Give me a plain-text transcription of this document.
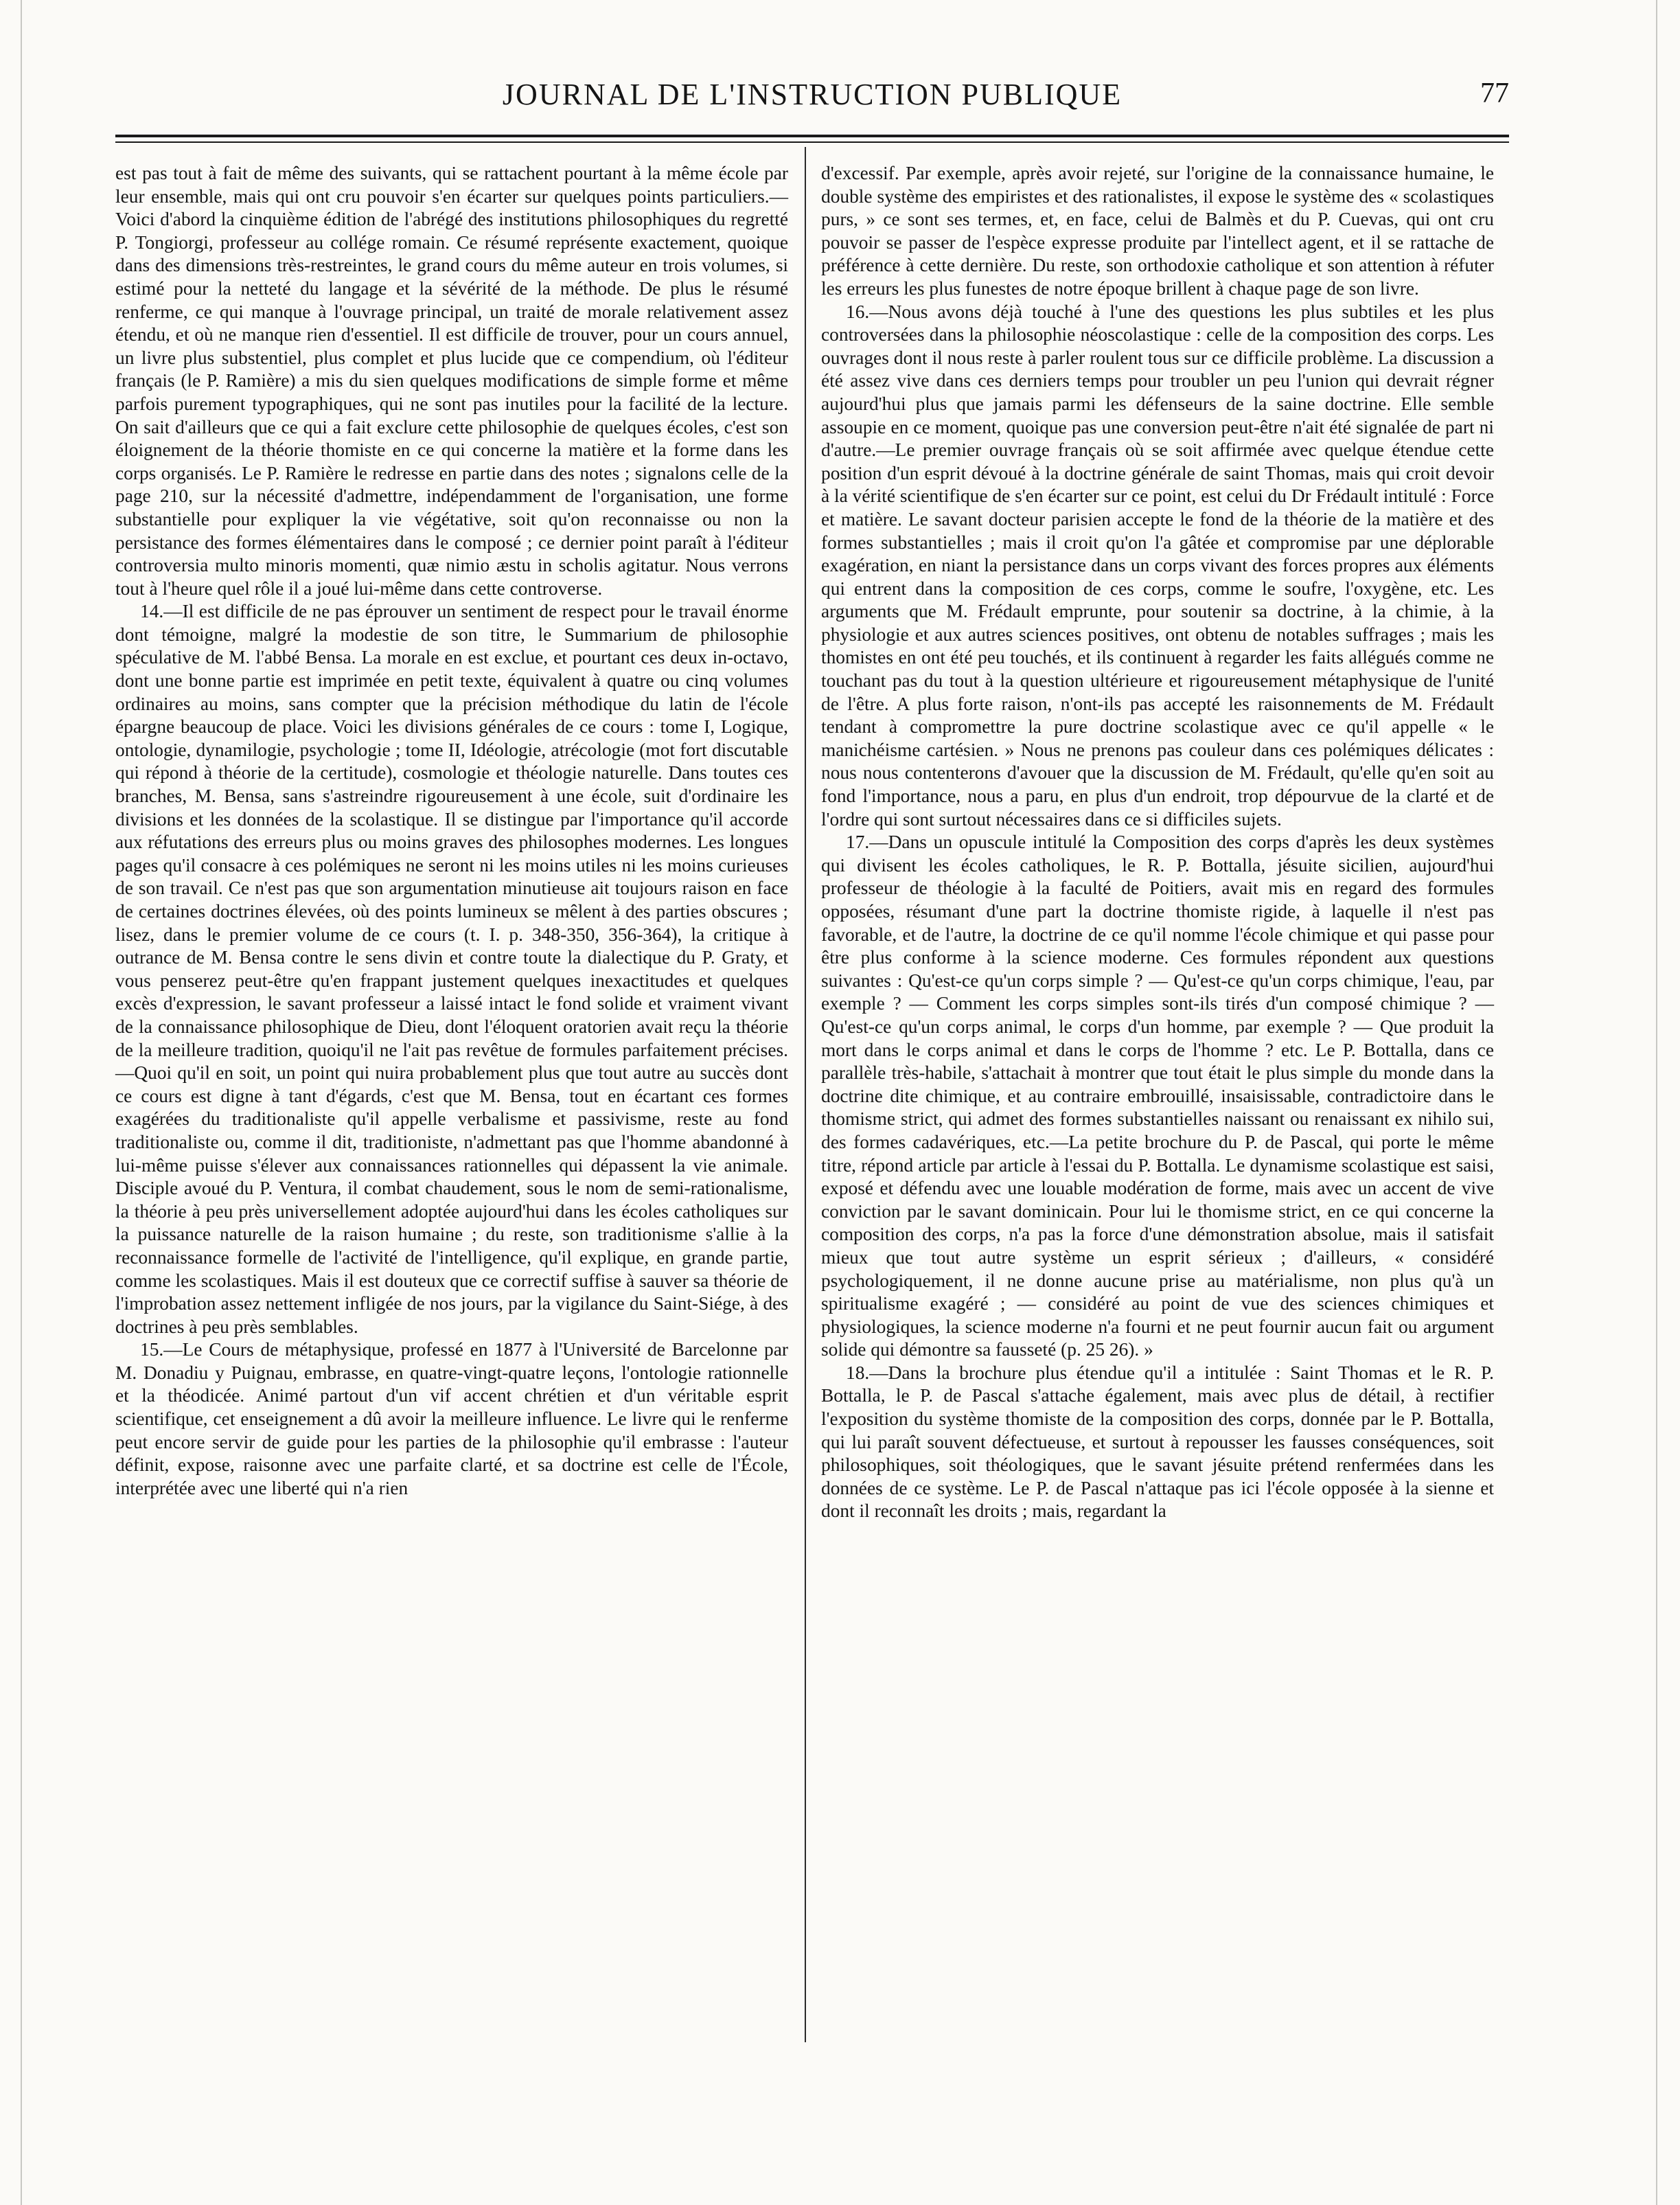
JOURNAL DE L'INSTRUCTION PUBLIQUE	77

est pas tout à fait de même des suivants, qui se rattachent pourtant à la même école par leur ensemble, mais qui ont cru pouvoir s'en écarter sur quelques points particuliers.—Voici d'abord la cinquième édition de l'abrégé des institutions philosophiques du regretté P. Tongiorgi, professeur au collége romain. Ce résumé représente exactement, quoique dans des dimensions très-restreintes, le grand cours du même auteur en trois volumes, si estimé pour la netteté du langage et la sévérité de la méthode. De plus le résumé renferme, ce qui manque à l'ouvrage principal, un traité de morale relativement assez étendu, et où ne manque rien d'essentiel. Il est difficile de trouver, pour un cours annuel, un livre plus substentiel, plus complet et plus lucide que ce compendium, où l'éditeur français (le P. Ramière) a mis du sien quelques modifications de simple forme et même parfois purement typographiques, qui ne sont pas inutiles pour la facilité de la lecture. On sait d'ailleurs que ce qui a fait exclure cette philosophie de quelques écoles, c'est son éloignement de la théorie thomiste en ce qui concerne la matière et la forme dans les corps organisés. Le P. Ramière le redresse en partie dans des notes ; signalons celle de la page 210, sur la nécessité d'admettre, indépendamment de l'organisation, une forme substantielle pour expliquer la vie végétative, soit qu'on reconnaisse ou non la persistance des formes élémentaires dans le composé ; ce dernier point paraît à l'éditeur controversia multo minoris momenti, quæ nimio æstu in scholis agitatur. Nous verrons tout à l'heure quel rôle il a joué lui-même dans cette controverse.

14.—Il est difficile de ne pas éprouver un sentiment de respect pour le travail énorme dont témoigne, malgré la modestie de son titre, le Summarium de philosophie spéculative de M. l'abbé Bensa. La morale en est exclue, et pourtant ces deux in-octavo, dont une bonne partie est imprimée en petit texte, équivalent à quatre ou cinq volumes ordinaires au moins, sans compter que la précision méthodique du latin de l'école épargne beaucoup de place. Voici les divisions générales de ce cours : tome I, Logique, ontologie, dynamilogie, psychologie ; tome II, Idéologie, atrécologie (mot fort discutable qui répond à théorie de la certitude), cosmologie et théologie naturelle. Dans toutes ces branches, M. Bensa, sans s'astreindre rigoureusement à une école, suit d'ordinaire les divisions et les données de la scolastique. Il se distingue par l'importance qu'il accorde aux réfutations des erreurs plus ou moins graves des philosophes modernes. Les longues pages qu'il consacre à ces polémiques ne seront ni les moins utiles ni les moins curieuses de son travail. Ce n'est pas que son argumentation minutieuse ait toujours raison en face de certaines doctrines élevées, où des points lumineux se mêlent à des parties obscures ; lisez, dans le premier volume de ce cours (t. I. p. 348-350, 356-364), la critique à outrance de M. Bensa contre le sens divin et contre toute la dialectique du P. Graty, et vous penserez peut-être qu'en frappant justement quelques inexactitudes et quelques excès d'expression, le savant professeur a laissé intact le fond solide et vraiment vivant de la connaissance philosophique de Dieu, dont l'éloquent oratorien avait reçu la théorie de la meilleure tradition, quoiqu'il ne l'ait pas revêtue de formules parfaitement précises.—Quoi qu'il en soit, un point qui nuira probablement plus que tout autre au succès dont ce cours est digne à tant d'égards, c'est que M. Bensa, tout en écartant ces formes exagérées du traditionaliste qu'il appelle verbalisme et passivisme, reste au fond traditionaliste ou, comme il dit, traditioniste, n'admettant pas que l'homme abandonné à lui-même puisse s'élever aux connaissances rationnelles qui dépassent la vie animale. Disciple avoué du P. Ventura, il combat chaudement, sous le nom de semi-rationalisme, la théorie à peu près universellement adoptée aujourd'hui dans les écoles catholiques sur la puissance naturelle de la raison humaine ; du reste, son traditionisme s'allie à la reconnaissance formelle de l'activité de l'intelligence, qu'il explique, en grande partie, comme les scolastiques. Mais il est douteux que ce correctif suffise à sauver sa théorie de l'improbation assez nettement infligée de nos jours, par la vigilance du Saint-Siége, à des doctrines à peu près semblables.

15.—Le Cours de métaphysique, professé en 1877 à l'Université de Barcelonne par M. Donadiu y Puignau, embrasse, en quatre-vingt-quatre leçons, l'ontologie rationnelle et la théodicée. Animé partout d'un vif accent chrétien et d'un véritable esprit scientifique, cet enseignement a dû avoir la meilleure influence. Le livre qui le renferme peut encore servir de guide pour les parties de la philosophie qu'il embrasse : l'auteur définit, expose, raisonne avec une parfaite clarté, et sa doctrine est celle de l'École, interprétée avec une liberté qui n'a rien

d'excessif. Par exemple, après avoir rejeté, sur l'origine de la connaissance humaine, le double système des empiristes et des rationalistes, il expose le système des « scolastiques purs, » ce sont ses termes, et, en face, celui de Balmès et du P. Cuevas, qui ont cru pouvoir se passer de l'espèce expresse produite par l'intellect agent, et il se rattache de préférence à cette dernière. Du reste, son orthodoxie catholique et son attention à réfuter les erreurs les plus funestes de notre époque brillent à chaque page de son livre.

16.—Nous avons déjà touché à l'une des questions les plus subtiles et les plus controversées dans la philosophie néoscolastique : celle de la composition des corps. Les ouvrages dont il nous reste à parler roulent tous sur ce difficile problème. La discussion a été assez vive dans ces derniers temps pour troubler un peu l'union qui devrait régner aujourd'hui plus que jamais parmi les défenseurs de la saine doctrine. Elle semble assoupie en ce moment, quoique pas une conversion peut-être n'ait été signalée de part ni d'autre.—Le premier ouvrage français où se soit affirmée avec quelque étendue cette position d'un esprit dévoué à la doctrine générale de saint Thomas, mais qui croit devoir à la vérité scientifique de s'en écarter sur ce point, est celui du Dr Frédault intitulé : Force et matière. Le savant docteur parisien accepte le fond de la théorie de la matière et des formes substantielles ; mais il croit qu'on l'a gâtée et compromise par une déplorable exagération, en niant la persistance dans un corps vivant des forces propres aux éléments qui entrent dans la composition de ces corps, comme le soufre, l'oxygène, etc. Les arguments que M. Frédault emprunte, pour soutenir sa doctrine, à la chimie, à la physiologie et aux autres sciences positives, ont obtenu de notables suffrages ; mais les thomistes en ont été peu touchés, et ils continuent à regarder les faits allégués comme ne touchant pas du tout à la question ultérieure et rigoureusement métaphysique de l'unité de l'être. A plus forte raison, n'ont-ils pas accepté les raisonnements de M. Frédault tendant à compromettre la pure doctrine scolastique avec ce qu'il appelle « le manichéisme cartésien. » Nous ne prenons pas couleur dans ces polémiques délicates : nous nous contenterons d'avouer que la discussion de M. Frédault, qu'elle qu'en soit au fond l'importance, nous a paru, en plus d'un endroit, trop dépourvue de la clarté et de l'ordre qui sont surtout nécessaires dans ce si difficiles sujets.

17.—Dans un opuscule intitulé la Composition des corps d'après les deux systèmes qui divisent les écoles catholiques, le R. P. Bottalla, jésuite sicilien, aujourd'hui professeur de théologie à la faculté de Poitiers, avait mis en regard des formules opposées, résumant d'une part la doctrine thomiste rigide, à laquelle il n'est pas favorable, et de l'autre, la doctrine de ce qu'il nomme l'école chimique et qui passe pour être plus conforme à la science moderne. Ces formules répondent aux questions suivantes : Qu'est-ce qu'un corps simple ? — Qu'est-ce qu'un corps chimique, l'eau, par exemple ? — Comment les corps simples sont-ils tirés d'un composé chimique ? — Qu'est-ce qu'un corps animal, le corps d'un homme, par exemple ? — Que produit la mort dans le corps animal et dans le corps de l'homme ? etc. Le P. Bottalla, dans ce parallèle très-habile, s'attachait à montrer que tout était le plus simple du monde dans la doctrine dite chimique, et au contraire embrouillé, insaisissable, contradictoire dans le thomisme strict, qui admet des formes substantielles naissant ou renaissant ex nihilo sui, des formes cadavériques, etc.—La petite brochure du P. de Pascal, qui porte le même titre, répond article par article à l'essai du P. Bottalla. Le dynamisme scolastique est saisi, exposé et défendu avec une louable modération de forme, mais avec un accent de vive conviction par le savant dominicain. Pour lui le thomisme strict, en ce qui concerne la composition des corps, n'a pas la force d'une démonstration absolue, mais il satisfait mieux que tout autre système un esprit sérieux ; d'ailleurs, « considéré psychologiquement, il ne donne aucune prise au matérialisme, non plus qu'à un spiritualisme exagéré ; — considéré au point de vue des sciences chimiques et physiologiques, la science moderne n'a fourni et ne peut fournir aucun fait ou argument solide qui démontre sa fausseté (p. 25 26). »

18.—Dans la brochure plus étendue qu'il a intitulée : Saint Thomas et le R. P. Bottalla, le P. de Pascal s'attache également, mais avec plus de détail, à rectifier l'exposition du système thomiste de la composition des corps, donnée par le P. Bottalla, qui lui paraît souvent défectueuse, et surtout à repousser les fausses conséquences, soit philosophiques, soit théologiques, que le savant jésuite prétend renfermées dans les données de ce système. Le P. de Pascal n'attaque pas ici l'école opposée à la sienne et dont il reconnaît les droits ; mais, regardant la
